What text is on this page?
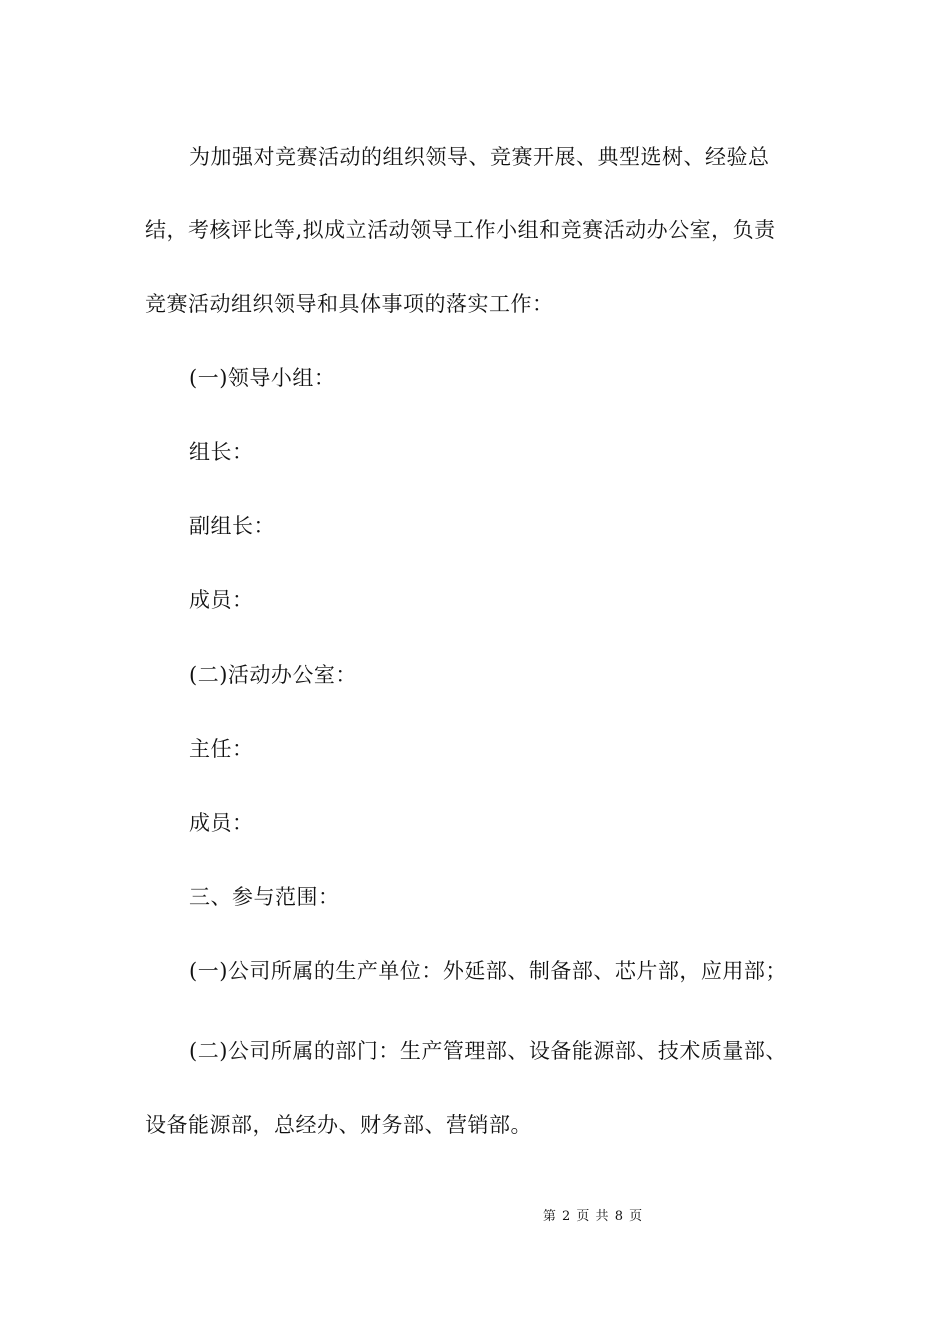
为加强对竞赛活动的组织领导、竞赛开展、典型选树、经验总
结，考核评比等,拟成立活动领导工作小组和竞赛活动办公室，负责
竞赛活动组织领导和具体事项的落实工作：
(一)领导小组：
组长：
副组长：
成员：
(二)活动办公室：
主任：
成员：
三、参与范围：
(一)公司所属的生产单位：外延部、制备部、芯片部，应用部；
(二)公司所属的部门：生产管理部、设备能源部、技术质量部、
设备能源部，总经办、财务部、营销部。
第 2 页 共 8 页
